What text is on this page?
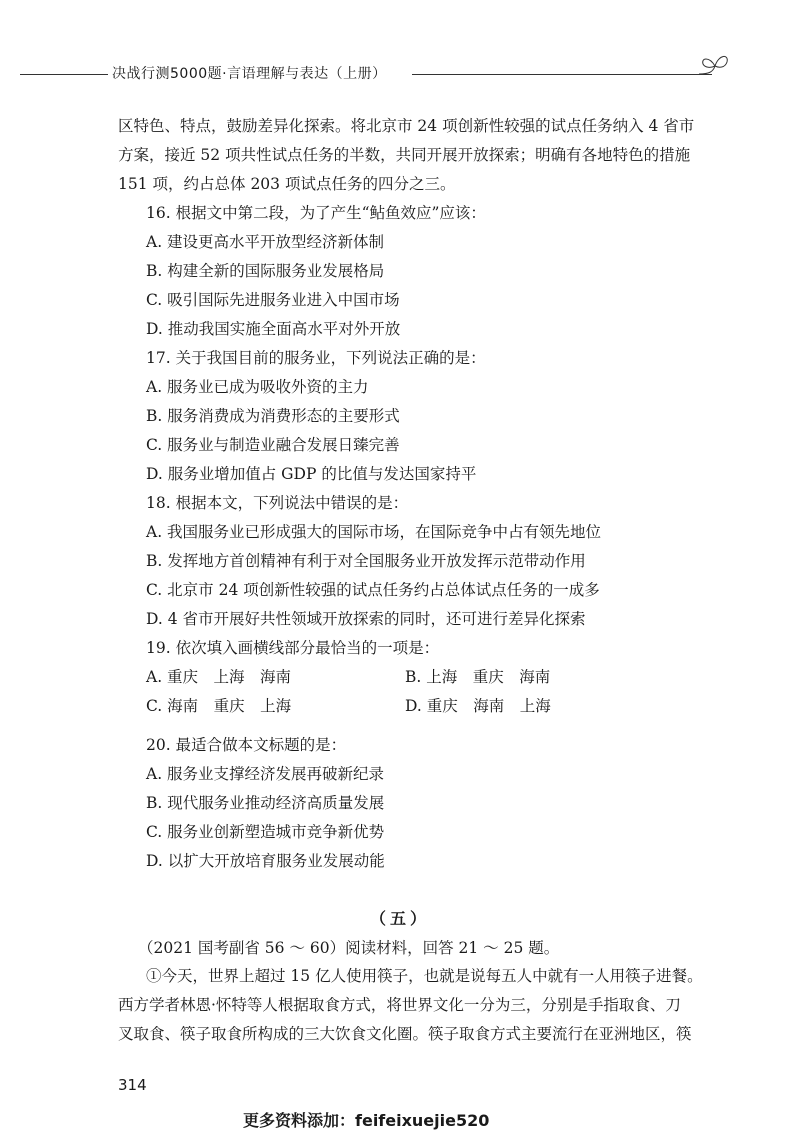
决战行测5000题·言语理解与表达（上册）
区特色、特点，鼓励差异化探索。将北京市 24 项创新性较强的试点任务纳入 4 省市
方案，接近 52 项共性试点任务的半数，共同开展开放探索；明确有各地特色的措施
151 项，约占总体 203 项试点任务的四分之三。
16. 根据文中第二段，为了产生“鲇鱼效应”应该：
A. 建设更高水平开放型经济新体制
B. 构建全新的国际服务业发展格局
C. 吸引国际先进服务业进入中国市场
D. 推动我国实施全面高水平对外开放
17. 关于我国目前的服务业，下列说法正确的是：
A. 服务业已成为吸收外资的主力
B. 服务消费成为消费形态的主要形式
C. 服务业与制造业融合发展日臻完善
D. 服务业增加值占 GDP 的比值与发达国家持平
18. 根据本文，下列说法中错误的是：
A. 我国服务业已形成强大的国际市场，在国际竞争中占有领先地位
B. 发挥地方首创精神有利于对全国服务业开放发挥示范带动作用
C. 北京市 24 项创新性较强的试点任务约占总体试点任务的一成多
D. 4 省市开展好共性领域开放探索的同时，还可进行差异化探索
19. 依次填入画横线部分最恰当的一项是：
A. 重庆　上海　海南	B. 上海　重庆　海南
C. 海南　重庆　上海	D. 重庆　海南　上海
20. 最适合做本文标题的是：
A. 服务业支撑经济发展再破新纪录
B. 现代服务业推动经济高质量发展
C. 服务业创新塑造城市竞争新优势
D. 以扩大开放培育服务业发展动能
（五）
（2021 国考副省 56 ～ 60）阅读材料，回答 21 ～ 25 题。
①今天，世界上超过 15 亿人使用筷子，也就是说每五人中就有一人用筷子进餐。
西方学者林恩·怀特等人根据取食方式，将世界文化一分为三，分别是手指取食、刀
叉取食、筷子取食所构成的三大饮食文化圈。筷子取食方式主要流行在亚洲地区，筷
314
更多资料添加：feifeixuejie520
